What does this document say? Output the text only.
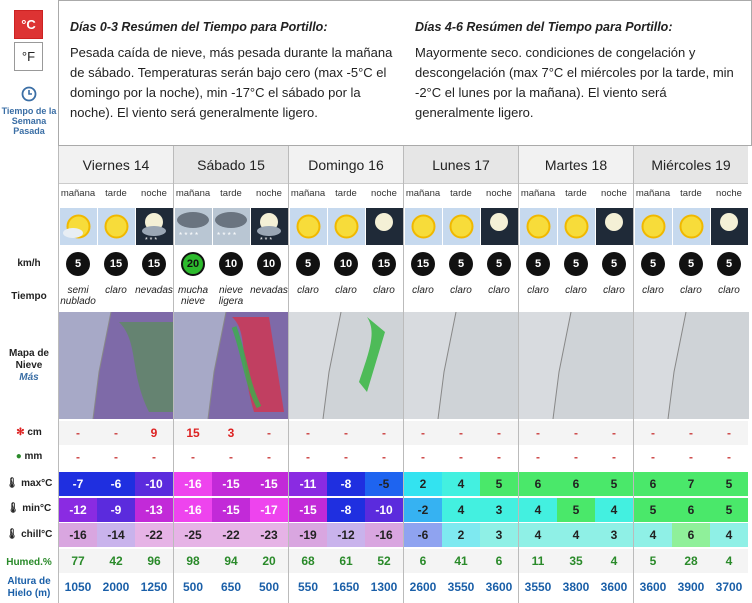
°C
°F
Tiempo de la Semana Pasada
km/h
Tiempo
Mapa de Nieve
Más
✻ cm
● mm
🌡 max°C
🌡 min°C
🌡 chill°C
Humed.%
Altura de Hielo (m)
Días 0-3 Resúmen del Tiempo para Portillo:

Pesada caída de nieve, más pesada durante la mañana de sábado. Temperaturas serán bajo cero (max -5°C el domingo por la noche), min -17°C el sábado por la noche). El viento será generalmente ligero.

Días 4-6 Resúmen del Tiempo para Portillo:

Mayormente seco. condiciones de congelación y descongelación (max 7°C el miércoles por la tarde, min -2°C el lunes por la mañana). El viento será generalmente ligero.

Viernes 14
mañana
5
semi nublado
-
-
-7
-12
-16
77
1050
tarde
15
claro
-
-
-6
-9
-14
42
2000
noche
* * *
15
nevadas
9
-
-10
-13
-22
96
1250
Sábado 15
mañana
* * * *
20
mucha nieve
15
-
-16
-16
-25
98
500
tarde
* * * *
10
nieve ligera
3
-
-15
-15
-22
94
650
noche
* * *
10
nevadas
-
-
-15
-17
-23
20
500
Domingo 16
mañana
5
claro
-
-
-11
-15
-19
68
550
tarde
10
claro
-
-
-8
-8
-12
61
1650
noche
15
claro
-
-
-5
-10
-16
52
1300
Lunes 17
mañana
15
claro
-
-
2
-2
-6
6
2600
tarde
5
claro
-
-
4
4
2
41
3550
noche
5
claro
-
-
5
3
3
6
3600
Martes 18
mañana
5
claro
-
-
6
4
4
11
3550
tarde
5
claro
-
-
6
5
4
35
3800
noche
5
claro
-
-
5
4
3
4
3600
Miércoles 19
mañana
5
claro
-
-
6
5
4
5
3600
tarde
5
claro
-
-
7
6
6
28
3900
noche
5
claro
-
-
5
5
4
4
3700
